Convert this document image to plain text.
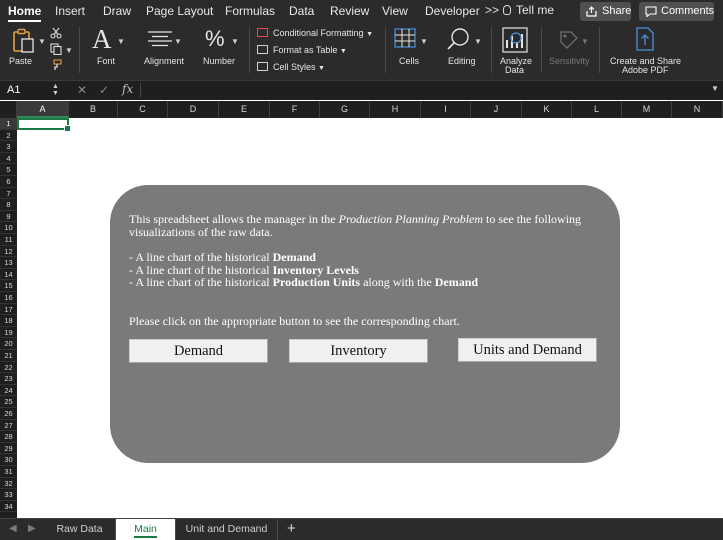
Home Insert Draw Page Layout Formulas Data Review View Developer >>	Tell me	Share	Comments
▼
Paste
▼ A ▼
Font
▼
Alignment
% ▼
Number
Conditional Formatting ▼
Format as Table ▼
Cell Styles ▼
▼
Cells
▼
Editing	Analyze
Data
▼
Sensitivity Create and Share
Adobe PDF
A1	▲
▼ ✕ ✓ fx	▼
A	B	C	D	E	F	G	H	I	J	K	L	M	N
1
2
3
4
5
6
7
8
9
10
11
12
13
14
15
16
17
18
19
20
21
22
23
24
25
26
27
28
29
30
31
32
33
34

This spreadsheet allows the manager in the Production Planning Problem to see the following visualizations of the raw data.

- A line chart of the historical Demand

- A line chart of the historical Inventory Levels

- A line chart of the historical Production Units along with the Demand

Please click on the appropriate button to see the corresponding chart.

Demand	Inventory	Units and Demand
◀ ▶	Raw Data	Main	Unit and Demand	+
